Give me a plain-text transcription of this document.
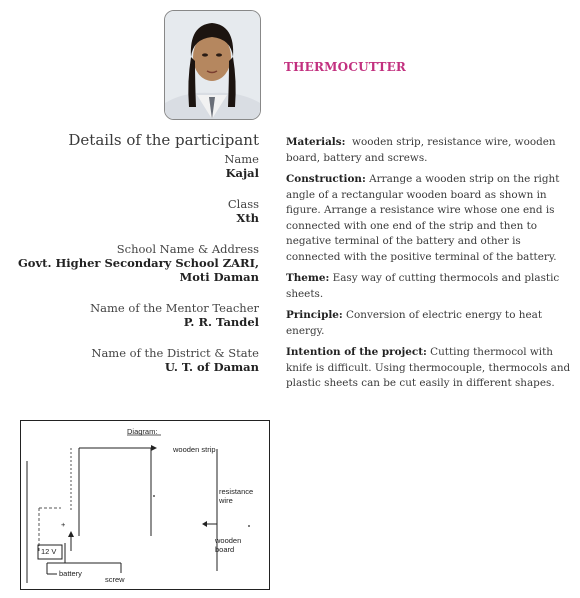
THERMOCUTTER
Details of the participant
Name
Kajal
Class
Xth
School Name & Address
Govt. Higher Secondary School ZARI,
Moti Daman
Name of the Mentor Teacher
P. R. Tandel
Name of the District & State
U. T. of Daman

Materials: wooden strip, resistance wire, wooden board, battery and screws.

Construction: Arrange a wooden strip on the right angle of a rectangular wooden board as shown in figure. Arrange a resistance wire whose one end is connected with one end of the strip and then to negative terminal of the battery and other is connected with the positive terminal of the battery.

Theme: Easy way of cutting thermocols and plastic sheets.

Principle: Conversion of electric energy to heat energy.

Intention of the project: Cutting thermocol with knife is difficult. Using thermocouple, thermocols and plastic sheets can be cut easily in different shapes.

Diagram:
wooden strip
resistance
wire
wooden
board
12 V
+
battery
screw
